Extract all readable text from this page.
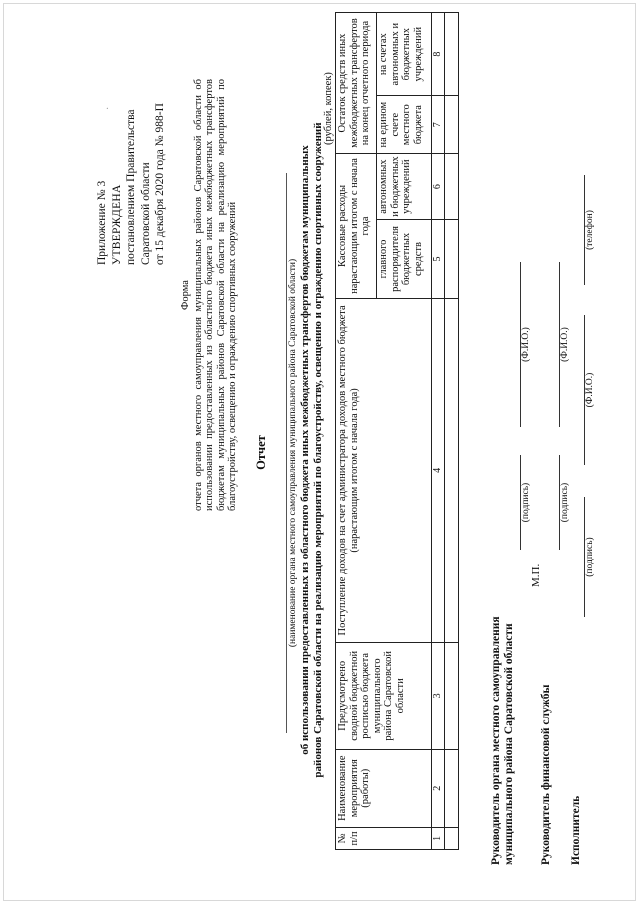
·
Приложение № 3 УТВЕРЖДЕНА постановлением Правительства Саратовской области от 15 декабря 2020 года № 988-П
Форма отчета органов местного самоуправления муниципальных районов Саратовской области об использовании предоставленных из областного бюджета иных межбюджетных трансфертов бюджетам муниципальных районов Саратовской области на реализацию мероприятий по благоустройству, освещению и ограждению спортивных сооружений Отчет (наименование органа местного самоуправления муниципального района Саратовской области) об использовании предоставленных из областного бюджета иных межбюджетных трансфертов бюджетам муниципальных районов Саратовской области на реализацию мероприятий по благоустройству, освещению и ограждению спортивных сооружений
(рублей, копеек)
№ п/п	Наименование мероприятия (работы)	Предусмотрено сводной бюджетной росписью бюджета муниципального района Саратовской области	Поступление доходов на счет администратора доходов местного бюджета (нарастающим итогом с начала года)	Кассовые расходы нарастающим итогом с начала года		Остаток средств иных межбюджетных трансфертов на конец отчетного периода	
				главного распорядителя бюджетных средств	автономных и бюджетных учреждений	на едином счете местного бюджета	на счетах автономных и бюджетных учреждений
1	2	3	4	5	6	7	8

Руководитель органа местного самоуправления муниципального района Саратовской области
М.П.
(подпись)
(Ф.И.О.)
Руководитель финансовой службы
(подпись)
(Ф.И.О.)
Исполнитель
(подпись)
(Ф.И.О.)
(телефон)
